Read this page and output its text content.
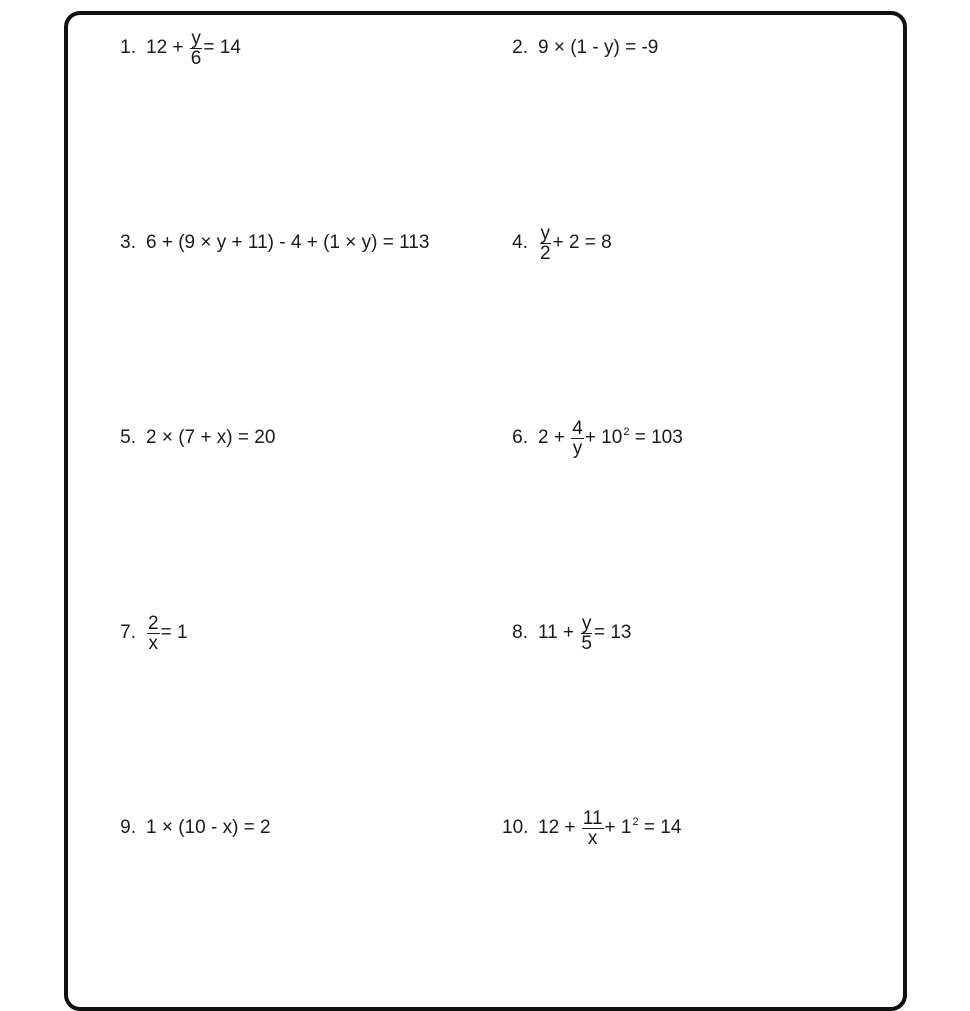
1. $12 + \frac{y}{6} = 14$	2. 9 × (1 - y) = -9
3. 6 + (9 × y + 11) - 4 + (1 × y) = 113	4. $\frac{y}{2} + 2 = 8$
5. 2 × (7 + x) = 20	6. $2 + \frac{4}{y} + 10^2 = 103$
7. $\frac{2}{x} = 1$	8. $11 + \frac{y}{5} = 13$
9. 1 × (10 - x) = 2	10. $12 + \frac{11}{x} + 1^2 = 14$
